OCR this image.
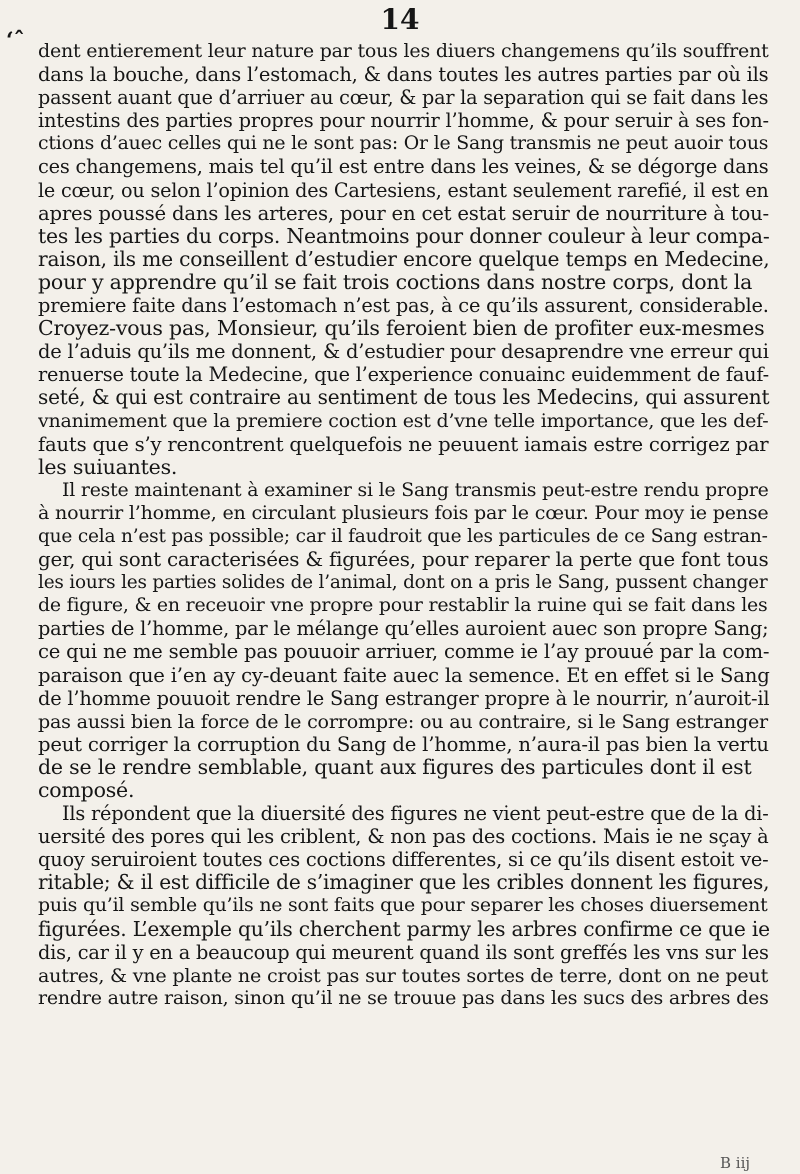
14
‘ˆ dent entierement leur nature par tous les diuers changemens qu’ils souffrent
dans la bouche, dans l’estomach, & dans toutes les autres parties par où ils
passent auant que d’arriuer au cœur, & par la separation qui se fait dans les
intestins des parties propres pour nourrir l’homme, & pour seruir à ses fon-
ctions d’auec celles qui ne le sont pas: Or le Sang transmis ne peut auoir tous
ces changemens, mais tel qu’il est entre dans les veines, & se dégorge dans
le cœur, ou selon l’opinion des Cartesiens, estant seulement rarefié, il est en
apres poussé dans les arteres, pour en cet estat seruir de nourriture à tou-
tes les parties du corps. Neantmoins pour donner couleur à leur compa-
raison, ils me conseillent d’estudier encore quelque temps en Medecine,
pour y apprendre qu’il se fait trois coctions dans nostre corps, dont la
premiere faite dans l’estomach n’est pas, à ce qu’ils assurent, considerable.
Croyez-vous pas, Monsieur, qu’ils feroient bien de profiter eux-mesmes
de l’aduis qu’ils me donnent, & d’estudier pour desaprendre vne erreur qui
renuerse toute la Medecine, que l’experience conuainc euidemment de fauf-
seté, & qui est contraire au sentiment de tous les Medecins, qui assurent
vnanimement que la premiere coction est d’vne telle importance, que les def-
fauts que s’y rencontrent quelquefois ne peuuent iamais estre corrigez par
les suiuantes.
Il reste maintenant à examiner si le Sang transmis peut-estre rendu propre
à nourrir l’homme, en circulant plusieurs fois par le cœur. Pour moy ie pense
que cela n’est pas possible; car il faudroit que les particules de ce Sang estran-
ger, qui sont caracterisées & figurées, pour reparer la perte que font tous
les iours les parties solides de l’animal, dont on a pris le Sang, pussent changer
de figure, & en receuoir vne propre pour restablir la ruine qui se fait dans les
parties de l’homme, par le mélange qu’elles auroient auec son propre Sang;
ce qui ne me semble pas pouuoir arriuer, comme ie l’ay prouué par la com-
paraison que i’en ay cy-deuant faite auec la semence. Et en effet si le Sang
de l’homme pouuoit rendre le Sang estranger propre à le nourrir, n’auroit-il
pas aussi bien la force de le corrompre: ou au contraire, si le Sang estranger
peut corriger la corruption du Sang de l’homme, n’aura-il pas bien la vertu
de se le rendre semblable, quant aux figures des particules dont il est
composé.
Ils répondent que la diuersité des figures ne vient peut-estre que de la di-
uersité des pores qui les criblent, & non pas des coctions. Mais ie ne sçay à
quoy seruiroient toutes ces coctions differentes, si ce qu’ils disent estoit ve-
ritable; & il est difficile de s’imaginer que les cribles donnent les figures,
puis qu’il semble qu’ils ne sont faits que pour separer les choses diuersement
figurées. L’exemple qu’ils cherchent parmy les arbres confirme ce que ie
dis, car il y en a beaucoup qui meurent quand ils sont greffés les vns sur les
autres, & vne plante ne croist pas sur toutes sortes de terre, dont on ne peut
rendre autre raison, sinon qu’il ne se trouue pas dans les sucs des arbres des
B iij
